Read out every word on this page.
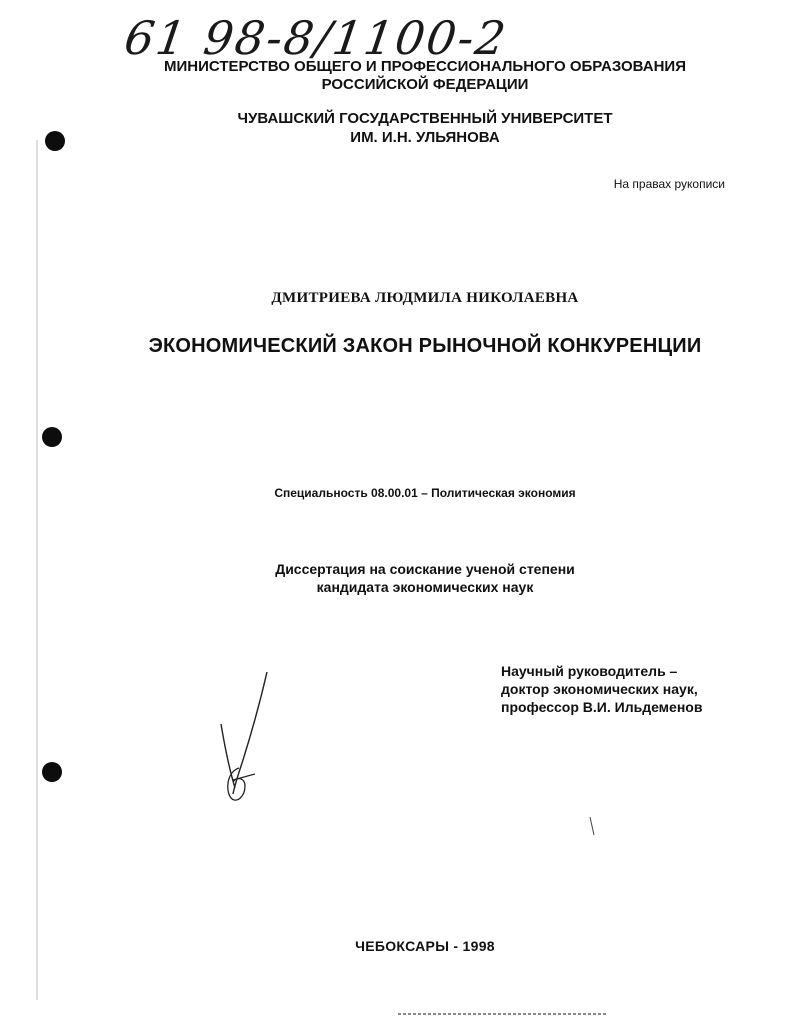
61 98-8/1100-2

МИНИСТЕРСТВО ОБЩЕГО И ПРОФЕССИОНАЛЬНОГО ОБРАЗОВАНИЯ
РОССИЙСКОЙ ФЕДЕРАЦИИ

ЧУВАШСКИЙ ГОСУДАРСТВЕННЫЙ УНИВЕРСИТЕТ
ИМ. И.Н. УЛЬЯНОВА

На правах рукописи
ДМИТРИЕВА ЛЮДМИЛА НИКОЛАЕВНА
ЭКОНОМИЧЕСКИЙ ЗАКОН РЫНОЧНОЙ КОНКУРЕНЦИИ
Специальность 08.00.01 – Политическая экономия

Диссертация на соискание ученой степени
кандидата экономических наук

Научный руководитель –
доктор экономических наук,
профессор В.И. Ильдеменов

ЧЕБОКСАРЫ - 1998
